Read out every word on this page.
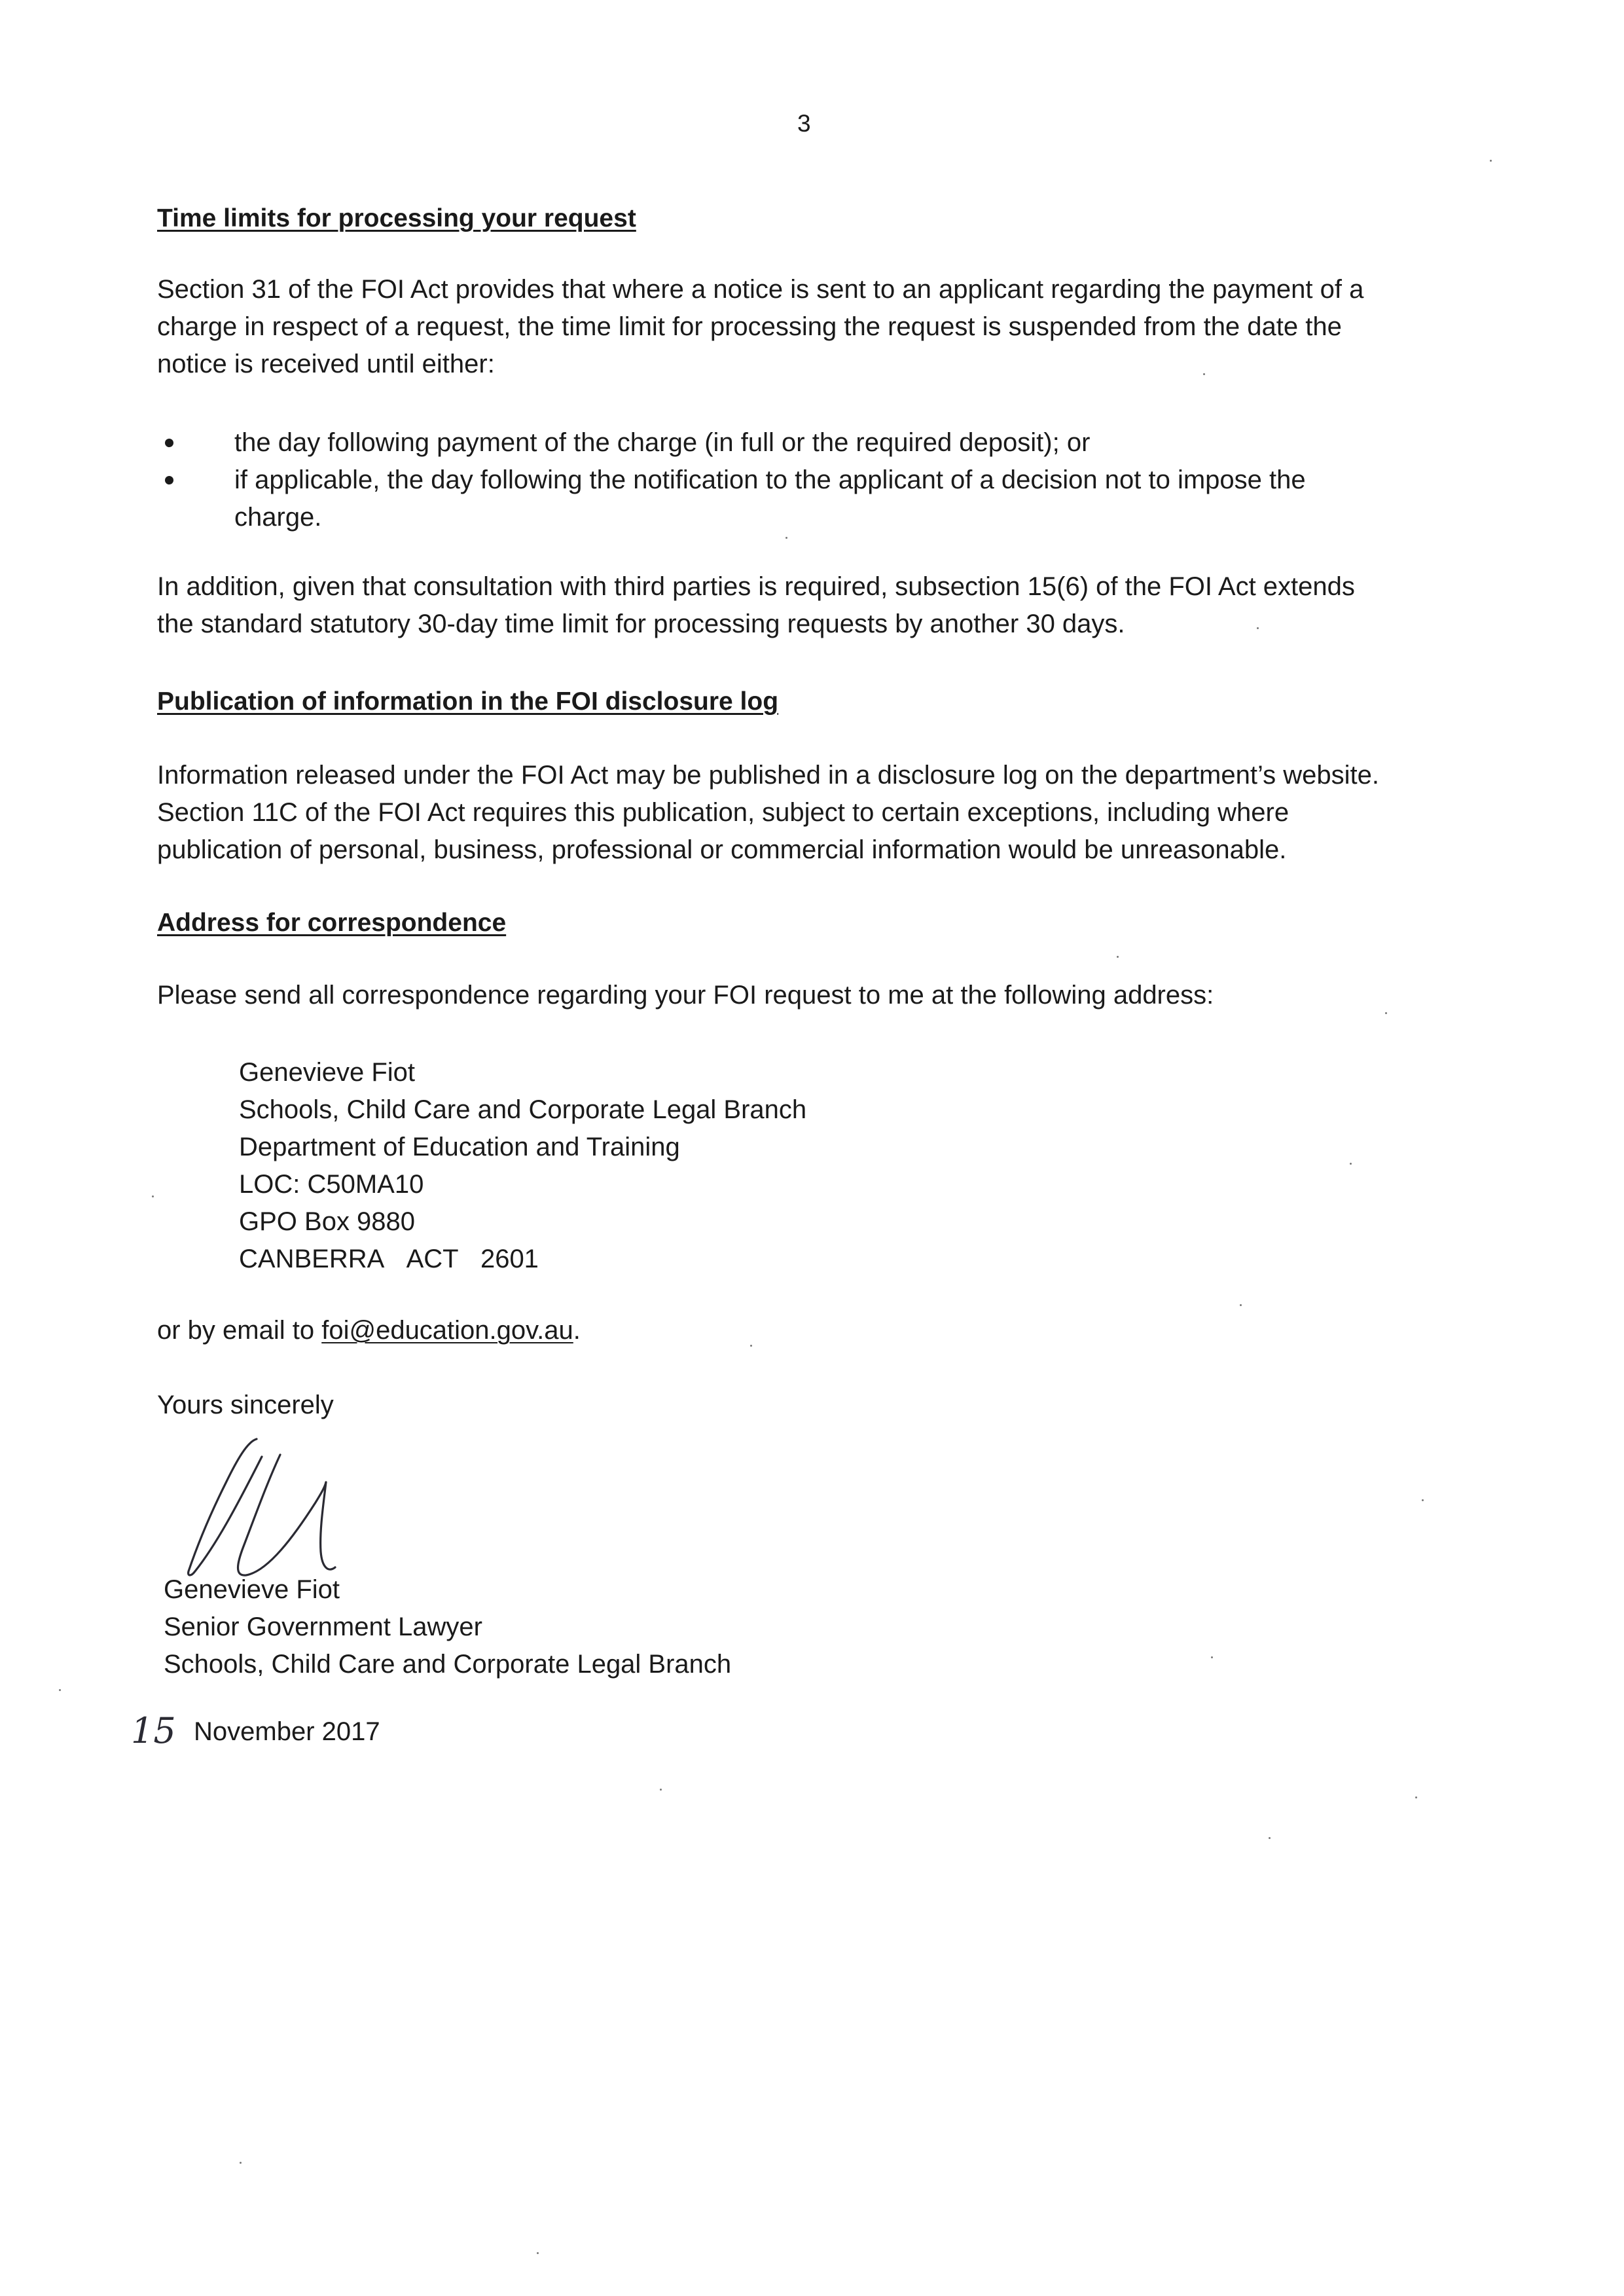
3
Time limits for processing your request
Section 31 of the FOI Act provides that where a notice is sent to an applicant regarding the payment of a
charge in respect of a request, the time limit for processing the request is suspended from the date the
notice is received until either:
the day following payment of the charge (in full or the required deposit); or
if applicable, the day following the notification to the applicant of a decision not to impose the
charge.
In addition, given that consultation with third parties is required, subsection 15(6) of the FOI Act extends
the standard statutory 30-day time limit for processing requests by another 30 days.
Publication of information in the FOI disclosure log
Information released under the FOI Act may be published in a disclosure log on the department’s website.
Section 11C of the FOI Act requires this publication, subject to certain exceptions, including where
publication of personal, business, professional or commercial information would be unreasonable.
Address for correspondence
Please send all correspondence regarding your FOI request to me at the following address:
Genevieve Fiot
Schools, Child Care and Corporate Legal Branch
Department of Education and Training
LOC: C50MA10
GPO Box 9880
CANBERRA   ACT   2601
or by email to foi@education.gov.au.
Yours sincerely
Genevieve Fiot
Senior Government Lawyer
Schools, Child Care and Corporate Legal Branch
15 November 2017
